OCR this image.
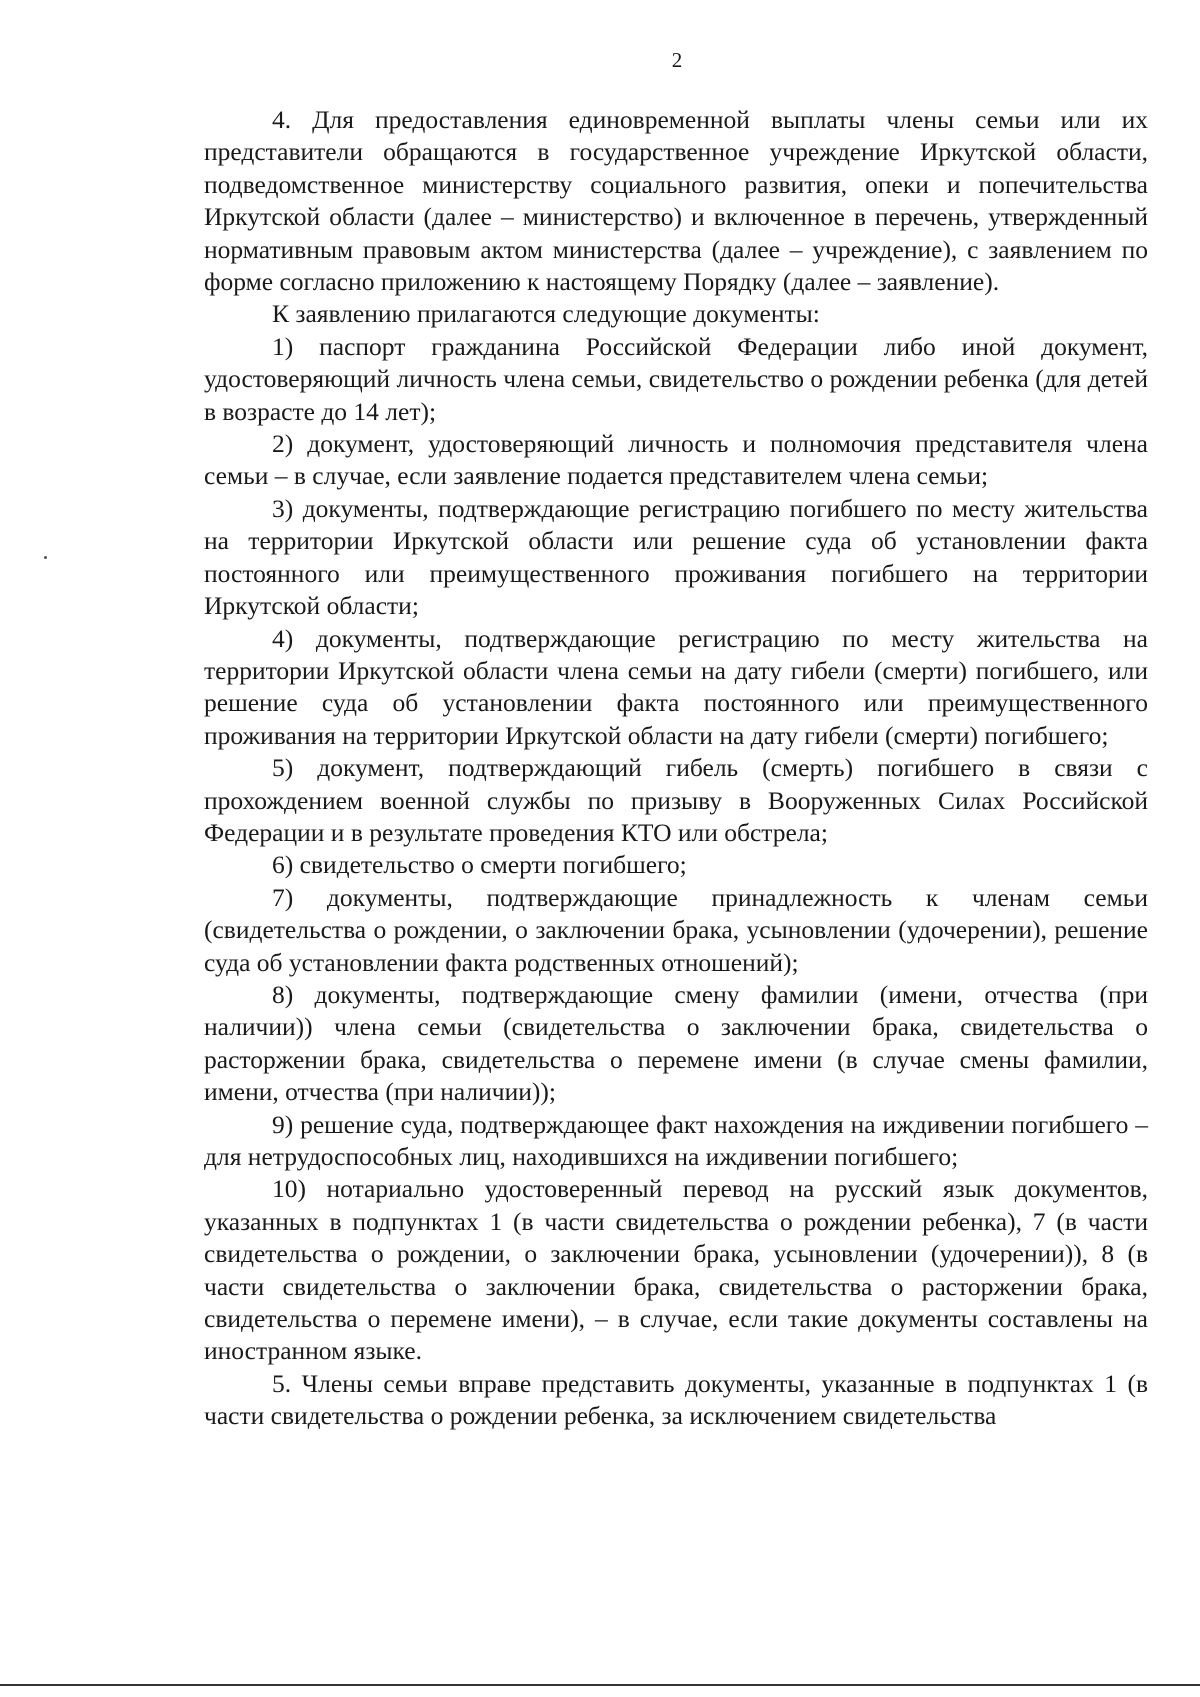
2

4. Для предоставления единовременной выплаты члены семьи или их представители обращаются в государственное учреждение Иркутской области, подведомственное министерству социального развития, опеки и попечительства Иркутской области (далее – министерство) и включенное в перечень, утвержденный нормативным правовым актом министерства (далее – учреждение), с заявлением по форме согласно приложению к настоящему Порядку (далее – заявление).

К заявлению прилагаются следующие документы:

1) паспорт гражданина Российской Федерации либо иной документ, удостоверяющий личность члена семьи, свидетельство о рождении ребенка (для детей в возрасте до 14 лет);

2) документ, удостоверяющий личность и полномочия представителя члена семьи – в случае, если заявление подается представителем члена семьи;

3) документы, подтверждающие регистрацию погибшего по месту жительства на территории Иркутской области или решение суда об установлении факта постоянного или преимущественного проживания погибшего на территории Иркутской области;

4) документы, подтверждающие регистрацию по месту жительства на территории Иркутской области члена семьи на дату гибели (смерти) погибшего, или решение суда об установлении факта постоянного или преимущественного проживания на территории Иркутской области на дату гибели (смерти) погибшего;

5) документ, подтверждающий гибель (смерть) погибшего в связи с прохождением военной службы по призыву в Вооруженных Силах Российской Федерации и в результате проведения КТО или обстрела;

6) свидетельство о смерти погибшего;

7) документы, подтверждающие принадлежность к членам семьи (свидетельства о рождении, о заключении брака, усыновлении (удочерении), решение суда об установлении факта родственных отношений);

8) документы, подтверждающие смену фамилии (имени, отчества (при наличии)) члена семьи (свидетельства о заключении брака, свидетельства о расторжении брака, свидетельства о перемене имени (в случае смены фамилии, имени, отчества (при наличии));

9) решение суда, подтверждающее факт нахождения на иждивении погибшего – для нетрудоспособных лиц, находившихся на иждивении погибшего;

10) нотариально удостоверенный перевод на русский язык документов, указанных в подпунктах 1 (в части свидетельства о рождении ребенка), 7 (в части свидетельства о рождении, о заключении брака, усыновлении (удочерении)), 8 (в части свидетельства о заключении брака, свидетельства о расторжении брака, свидетельства о перемене имени), – в случае, если такие документы составлены на иностранном языке.

5. Члены семьи вправе представить документы, указанные в подпунктах 1 (в части свидетельства о рождении ребенка, за исключением свидетельства
